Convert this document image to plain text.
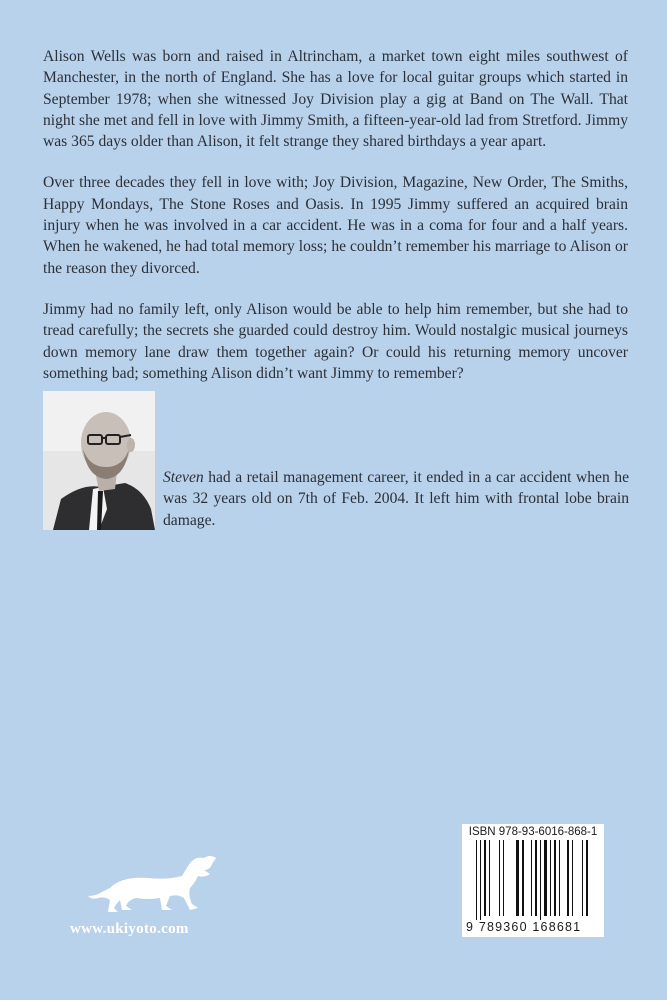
Alison Wells was born and raised in Altrincham, a market town eight miles southwest of Manchester, in the north of England. She has a love for local guitar groups which started in September 1978; when she witnessed Joy Division play a gig at Band on The Wall. That night she met and fell in love with Jimmy Smith, a fifteen-year-old lad from Stretford. Jimmy was 365 days older than Alison, it felt strange they shared birthdays a year apart.

Over three decades they fell in love with; Joy Division, Magazine, New Order, The Smiths, Happy Mondays, The Stone Roses and Oasis. In 1995 Jimmy suffered an acquired brain injury when he was involved in a car accident. He was in a coma for four and a half years. When he wakened, he had total memory loss; he couldn’t remember his marriage to Alison or the reason they divorced.

Jimmy had no family left, only Alison would be able to help him remember, but she had to tread carefully; the secrets she guarded could destroy him. Would nostalgic musical journeys down memory lane draw them together again? Or could his returning memory uncover something bad; something Alison didn’t want Jimmy to remember?

Steven had a retail management career, it ended in a car accident when he was 32 years old on 7th of Feb. 2004. It left him with frontal lobe brain damage.
www.ukiyoto.com
ISBN 978-93-6016-868-1
9 789360 168681
